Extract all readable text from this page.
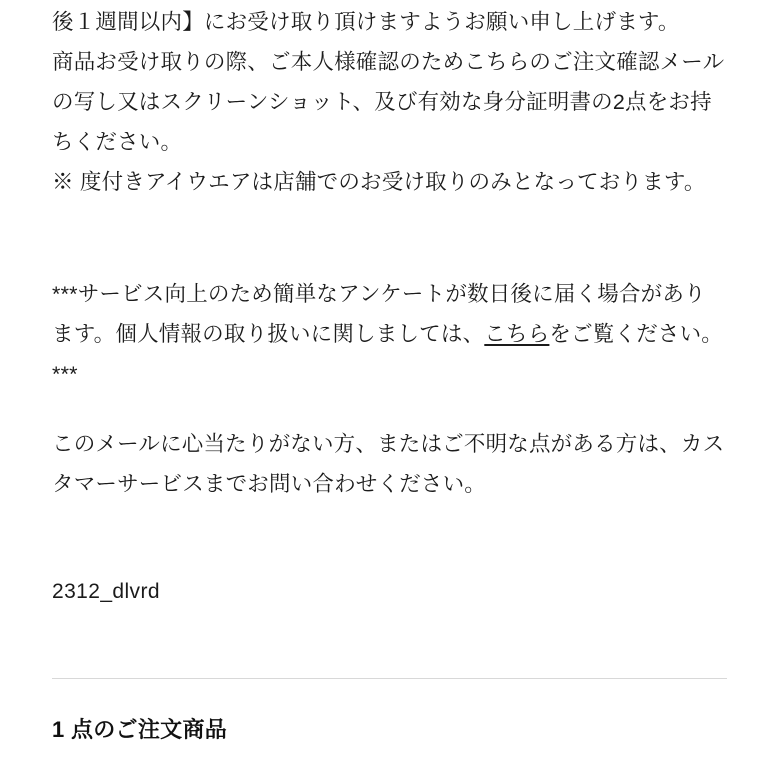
後１週間以内】にお受け取り頂けますようお願い申し上げます。

商品お受け取りの際、ご本人様確認のためこちらのご注文確認メールの写し又はスクリーンショット、及び有効な身分証明書の2点をお持ちください。

※ 度付きアイウエアは店舗でのお受け取りのみとなっております。

***サービス向上のため簡単なアンケートが数日後に届く場合があります。個人情報の取り扱いに関しましては、こちらをご覧ください。***

このメールに心当たりがない方、またはご不明な点がある方は、カスタマーサービスまでお問い合わせください。

2312_dlvrd

1 点のご注文商品
